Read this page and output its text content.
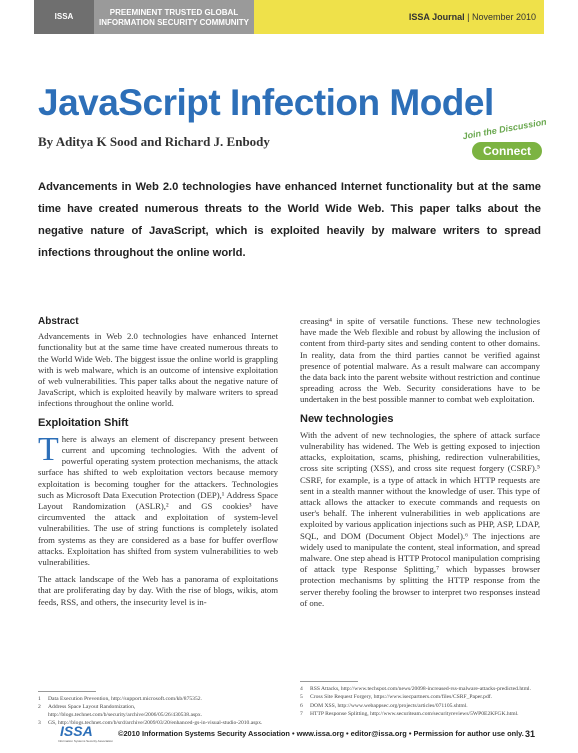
ISSA	PREEMINENT TRUSTED GLOBAL
INFORMATION SECURITY COMMUNITY
ISSA Journal | November 2010
JavaScript Infection Model
By Aditya K Sood and Richard J. Enbody
Join the Discussion
Connect
Advancements in Web 2.0 technologies have enhanced Internet functionality but at the same time have created numerous threats to the World Wide Web. This paper talks about the negative nature of JavaScript, which is exploited heavily by malware writers to spread infections throughout the online world.
Abstract

Advancements in Web 2.0 technologies have enhanced Internet functionality but at the same time have created numerous threats to the World Wide Web. The biggest issue the online world is grappling with is web malware, which is an outcome of intensive exploitation of web vulnerabilities. This paper talks about the negative nature of JavaScript, which is exploited heavily by malware writers to spread infections throughout the online world.

Exploitation Shift

There is always an element of discrepancy present between current and upcoming technologies. With the advent of powerful operating system protection mechanisms, the attack surface has shifted to web exploitation vectors because memory exploitation is becoming tougher for the attackers. Technologies such as Microsoft Data Execution Protection (DEP),¹ Address Space Layout Randomization (ASLR),² and GS cookies³ have circumvented the attack and exploitation of system-level vulnerabilities. The use of string functions is completely isolated from systems as they are considered as a base for buffer overflow attacks. Exploitation has shifted from system vulnerabilities to web vulnerabilities.

The attack landscape of the Web has a panorama of exploitations that are proliferating day by day. With the rise of blogs, wikis, atom feeds, RSS, and others, the insecurity level is in-

creasing⁴ in spite of versatile functions. These new technologies have made the Web flexible and robust by allowing the inclusion of content from third-party sites and sending content to other domains. In reality, data from the third parties cannot be verified against presence of potential malware. As a result malware can accompany the data back into the parent website without restriction and continue spreading across the Web. Security considerations have to be undertaken in the best possible manner to combat web exploitation.

New technologies

With the advent of new technologies, the sphere of attack surface vulnerability has widened. The Web is getting exposed to injection attacks, exploitation, scams, phishing, redirection vulnerabilities, cross site scripting (XSS), and cross site request forgery (CSRF).⁵ CSRF, for example, is a type of attack in which HTTP requests are sent in a stealth manner without the knowledge of user. This type of attack allows the attacker to execute commands and requests on user's behalf. The inherent vulnerabilities in web applications are exploited by various application injections such as PHP, ASP, LDAP, SQL, and DOM (Document Object Model).⁶ The injections are widely used to manipulate the content, steal information, and spread malware. One step ahead is HTTP Protocol manipulation comprising of attack type Response Splitting,⁷ which bypasses browser protection mechanisms by splitting the HTTP response from the server thereby fooling the browser to interpret two responses instead of one.

1	Data Execution Prevention, http://support.microsoft.com/kb/875352.
2	Address Space Layout Randomization, http://blogs.technet.com/b/security/archive/2006/05/26/430538.aspx.
3	GS, http://blogs.technet.com/b/srd/archive/2009/03/20/enhanced-gs-in-visual-studio-2010.aspx.
4	RSS Attacks, http://www.techspot.com/news/20098-increased-rss-malware-attacks-predicted.html.
5	Cross Site Request Forgery, https://www.isecpartners.com/files/CSRF_Paper.pdf.
6	DOM XSS, http://www.webappsec.org/projects/articles/071105.shtml.
7	HTTP Response Splitting, http://www.securiteam.com/securityreviews/5WP0E2KFGK.html.
ISSA
Information Systems Security Association
©2010 Information Systems Security Association • www.issa.org • editor@issa.org • Permission for author use only. 31
